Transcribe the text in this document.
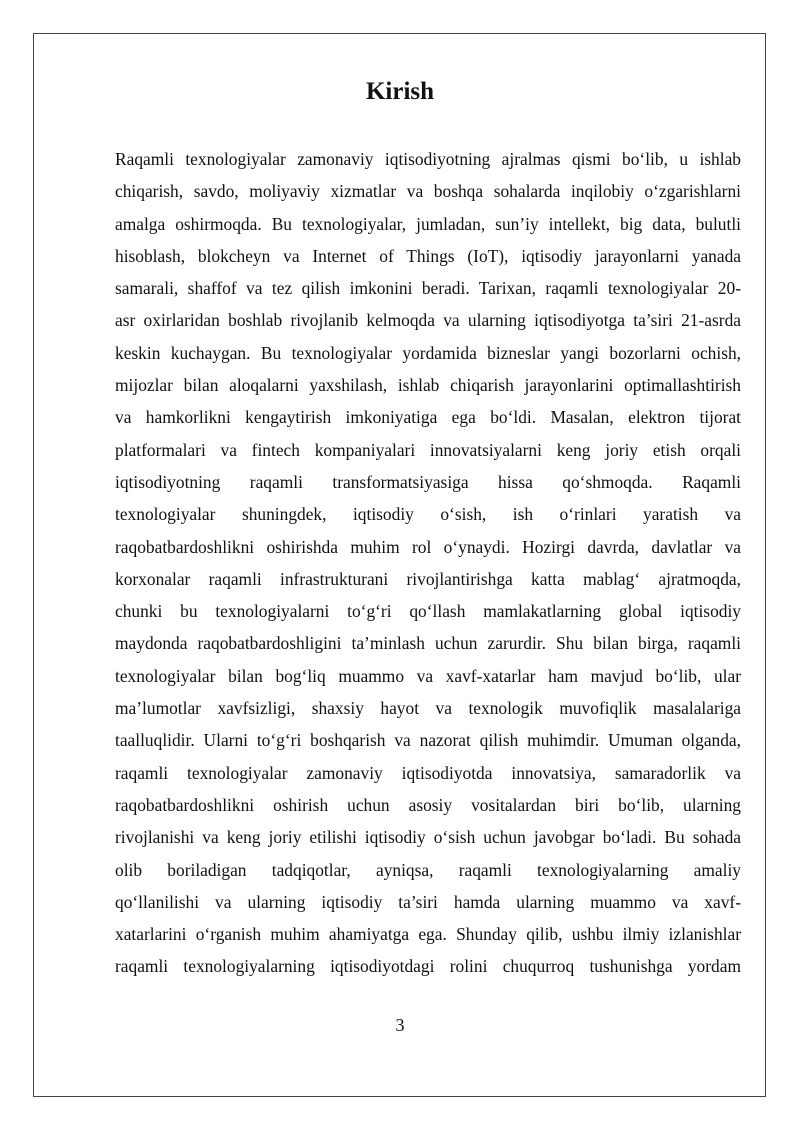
Kirish
Raqamli texnologiyalar zamonaviy iqtisodiyotning ajralmas qismi bo‘lib, u ishlab
chiqarish, savdo, moliyaviy xizmatlar va boshqa sohalarda inqilobiy o‘zgarishlarni
amalga oshirmoqda. Bu texnologiyalar, jumladan, sun’iy intellekt, big data, bulutli
hisoblash, blokcheyn va Internet of Things (IoT), iqtisodiy jarayonlarni yanada
samarali, shaffof va tez qilish imkonini beradi. Tarixan, raqamli texnologiyalar 20-
asr oxirlaridan boshlab rivojlanib kelmoqda va ularning iqtisodiyotga ta’siri 21-asrda
keskin kuchaygan. Bu texnologiyalar yordamida bizneslar yangi bozorlarni ochish,
mijozlar bilan aloqalarni yaxshilash, ishlab chiqarish jarayonlarini optimallashtirish
va hamkorlikni kengaytirish imkoniyatiga ega bo‘ldi. Masalan, elektron tijorat
platformalari va fintech kompaniyalari innovatsiyalarni keng joriy etish orqali
iqtisodiyotning raqamli transformatsiyasiga hissa qo‘shmoqda. Raqamli
texnologiyalar shuningdek, iqtisodiy o‘sish, ish o‘rinlari yaratish va
raqobatbardoshlikni oshirishda muhim rol o‘ynaydi. Hozirgi davrda, davlatlar va
korxonalar raqamli infrastrukturani rivojlantirishga katta mablag‘ ajratmoqda,
chunki bu texnologiyalarni to‘g‘ri qo‘llash mamlakatlarning global iqtisodiy
maydonda raqobatbardoshligini ta’minlash uchun zarurdir. Shu bilan birga, raqamli
texnologiyalar bilan bog‘liq muammo va xavf-xatarlar ham mavjud bo‘lib, ular
ma’lumotlar xavfsizligi, shaxsiy hayot va texnologik muvofiqlik masalalariga
taalluqlidir. Ularni to‘g‘ri boshqarish va nazorat qilish muhimdir. Umuman olganda,
raqamli texnologiyalar zamonaviy iqtisodiyotda innovatsiya, samaradorlik va
raqobatbardoshlikni oshirish uchun asosiy vositalardan biri bo‘lib, ularning
rivojlanishi va keng joriy etilishi iqtisodiy o‘sish uchun javobgar bo‘ladi. Bu sohada
olib boriladigan tadqiqotlar, ayniqsa, raqamli texnologiyalarning amaliy
qo‘llanilishi va ularning iqtisodiy ta’siri hamda ularning muammo va xavf-
xatarlarini o‘rganish muhim ahamiyatga ega. Shunday qilib, ushbu ilmiy izlanishlar
raqamli texnologiyalarning iqtisodiyotdagi rolini chuqurroq tushunishga yordam
3
